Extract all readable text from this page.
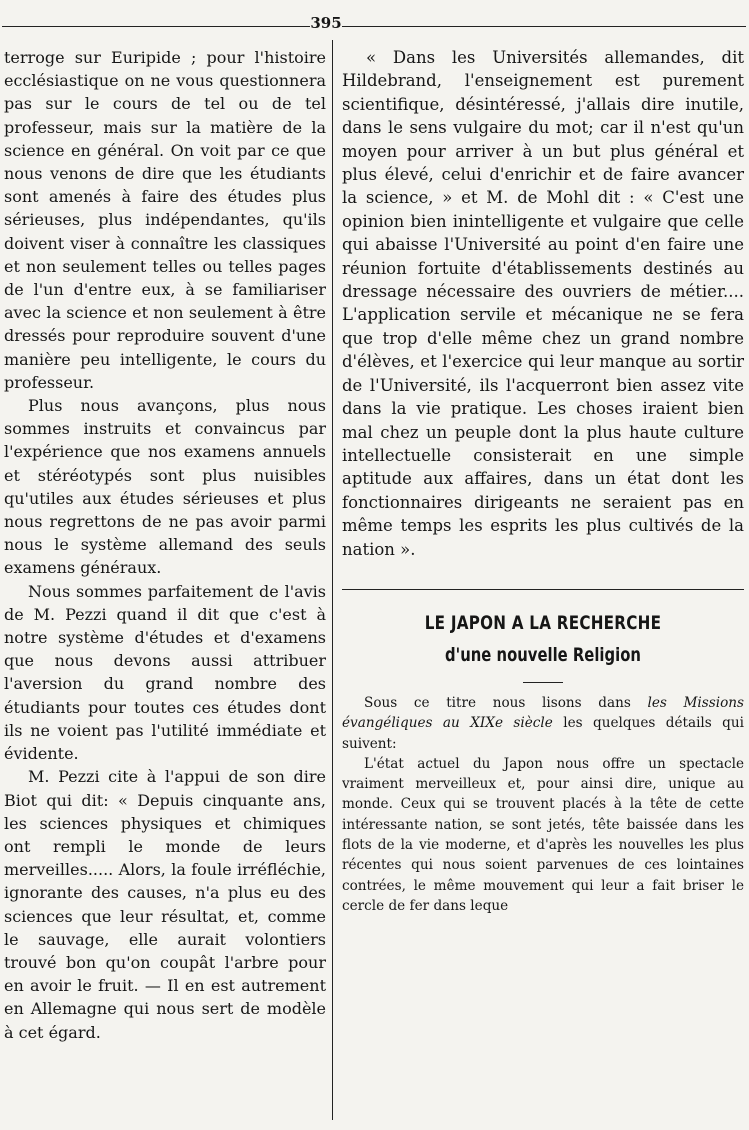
395

terroge sur Euripide ; pour l'histoire ecclésiastique on ne vous questionnera pas sur le cours de tel ou de tel professeur, mais sur la matière de la science en général. On voit par ce que nous venons de dire que les étudiants sont amenés à faire des études plus sérieuses, plus indépendantes, qu'ils doivent viser à connaître les classiques et non seulement telles ou telles pages de l'un d'entre eux, à se familiariser avec la science et non seulement à être dressés pour reproduire souvent d'une manière peu intelligente, le cours du professeur.

Plus nous avançons, plus nous sommes instruits et convaincus par l'expérience que nos examens annuels et stéréotypés sont plus nuisibles qu'utiles aux études sérieuses et plus nous regrettons de ne pas avoir parmi nous le système allemand des seuls examens généraux.

Nous sommes parfaitement de l'avis de M. Pezzi quand il dit que c'est à notre système d'études et d'examens que nous devons aussi attribuer l'aversion du grand nombre des étudiants pour toutes ces études dont ils ne voient pas l'utilité immédiate et évidente.

M. Pezzi cite à l'appui de son dire Biot qui dit: « Depuis cinquante ans, les sciences physiques et chimiques ont rempli le monde de leurs merveilles..... Alors, la foule irréfléchie, ignorante des causes, n'a plus eu des sciences que leur résultat, et, comme le sauvage, elle aurait volontiers trouvé bon qu'on coupât l'arbre pour en avoir le fruit. — Il en est autrement en Allemagne qui nous sert de modèle à cet égard.

« Dans les Universités allemandes, dit Hildebrand, l'enseignement est purement scientifique, désintéressé, j'allais dire inutile, dans le sens vulgaire du mot; car il n'est qu'un moyen pour arriver à un but plus général et plus élevé, celui d'enrichir et de faire avancer la science, » et M. de Mohl dit : « C'est une opinion bien inintelligente et vulgaire que celle qui abaisse l'Université au point d'en faire une réunion fortuite d'établissements destinés au dressage nécessaire des ouvriers de métier.... L'application servile et mécanique ne se fera que trop d'elle même chez un grand nombre d'élèves, et l'exercice qui leur manque au sortir de l'Université, ils l'acquerront bien assez vite dans la vie pratique. Les choses iraient bien mal chez un peuple dont la plus haute culture intellectuelle consisterait en une simple aptitude aux affaires, dans un état dont les fonctionnaires dirigeants ne seraient pas en même temps les esprits les plus cultivés de la nation ».

LE JAPON A LA RECHERCHE

d'une nouvelle Religion

Sous ce titre nous lisons dans les Missions évangéliques au XIXe siècle les quelques détails qui suivent:

L'état actuel du Japon nous offre un spectacle vraiment merveilleux et, pour ainsi dire, unique au monde. Ceux qui se trouvent placés à la tête de cette intéressante nation, se sont jetés, tête baissée dans les flots de la vie moderne, et d'après les nouvelles les plus récentes qui nous soient parvenues de ces lointaines contrées, le même mouvement qui leur a fait briser le cercle de fer dans leque
